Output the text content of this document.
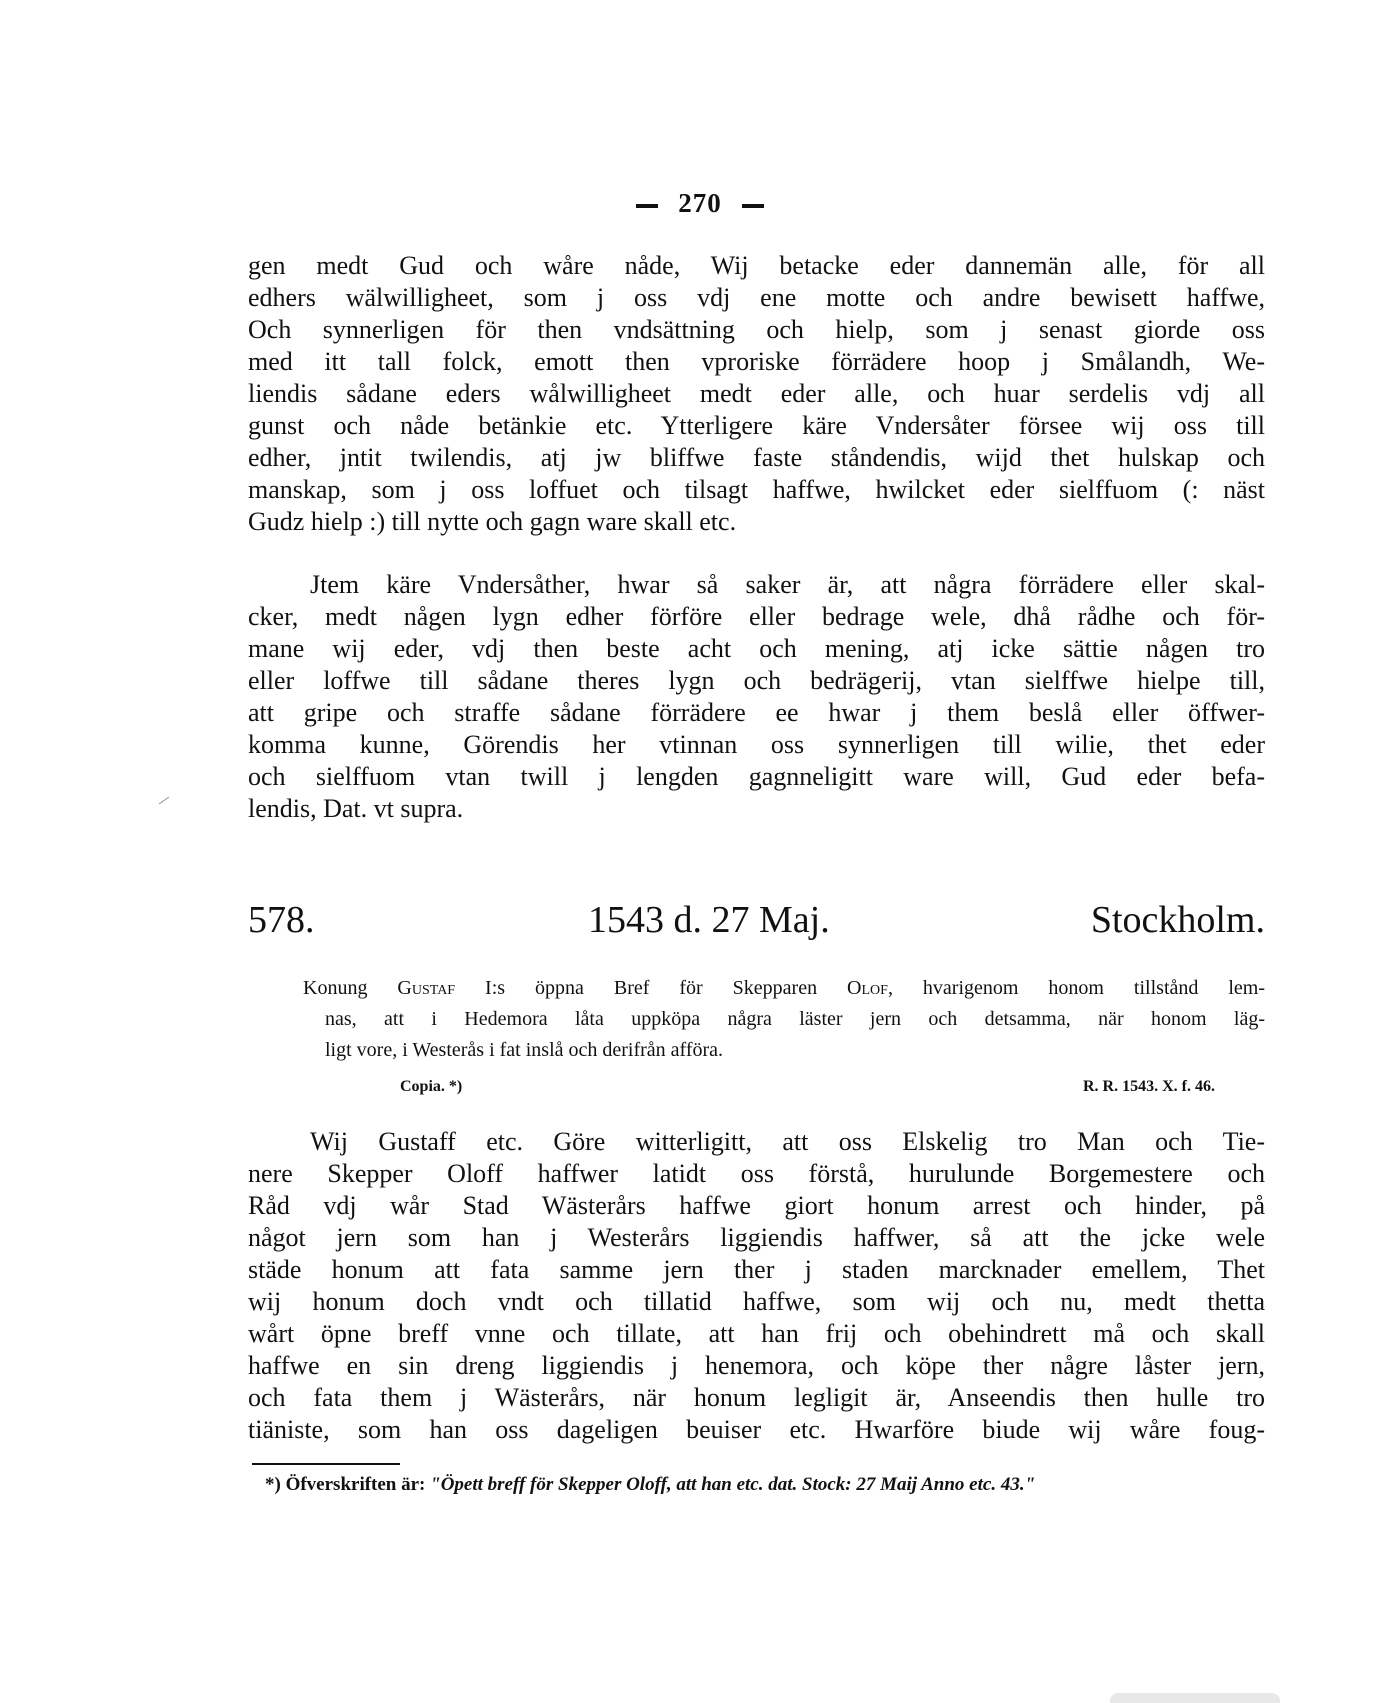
270
gen medt Gud och wåre nåde, Wij betacke eder dannemän alle, för all
edhers wälwilligheet, som j oss vdj ene motte och andre bewisett haffwe,
Och synnerligen för then vndsättning och hielp, som j senast giorde oss
med itt tall folck, emott then vproriske förrädere hoop j Smålandh, We-
liendis sådane eders wålwilligheet medt eder alle, och huar serdelis vdj all
gunst och nåde betänkie etc. Ytterligere käre Vndersåter försee wij oss till
edher, jntit twilendis, atj jw bliffwe faste ståndendis, wijd thet hulskap och
manskap, som j oss loffuet och tilsagt haffwe, hwilcket eder sielffuom (: näst
Gudz hielp :) till nytte och gagn ware skall etc.
Jtem käre Vndersåther, hwar så saker är, att några förrädere eller skal-
cker, medt någen lygn edher förföre eller bedrage wele, dhå rådhe och för-
mane wij eder, vdj then beste acht och mening, atj icke sättie någen tro
eller loffwe till sådane theres lygn och bedrägerij, vtan sielffwe hielpe till,
att gripe och straffe sådane förrädere ee hwar j them beslå eller öffwer-
komma kunne, Görendis her vtinnan oss synnerligen till wilie, thet eder
och sielffuom vtan twill j lengden gagnneligitt ware will, Gud eder befa-
lendis, Dat. vt supra.
578.	1543 d. 27 Maj.	Stockholm.
Konung Gustaf I:s öppna Bref för Skepparen Olof, hvarigenom honom tillstånd lem-
nas, att i Hedemora låta uppköpa några läster jern och detsamma, när honom läg-
ligt vore, i Westerås i fat inslå och derifrån afföra.
Copia. *)	R. R. 1543. X. f. 46.
Wij Gustaff etc. Göre witterligitt, att oss Elskelig tro Man och Tie-
nere Skepper Oloff haffwer latidt oss förstå, hurulunde Borgemestere och
Råd vdj wår Stad Wästerårs haffwe giort honum arrest och hinder, på
något jern som han j Westerårs liggiendis haffwer, så att the jcke wele
städe honum att fata samme jern ther j staden marcknader emellem, Thet
wij honum doch vndt och tillatid haffwe, som wij och nu, medt thetta
wårt öpne breff vnne och tillate, att han frij och obehindrett må och skall
haffwe en sin dreng liggiendis j henemora, och köpe ther någre låster jern,
och fata them j Wästerårs, när honum legligit är, Anseendis then hulle tro
tiäniste, som han oss dageligen beuiser etc. Hwarföre biude wij wåre foug-
*) Öfverskriften är: "Öpett breff för Skepper Oloff, att han etc. dat. Stock: 27 Maij Anno etc. 43."
